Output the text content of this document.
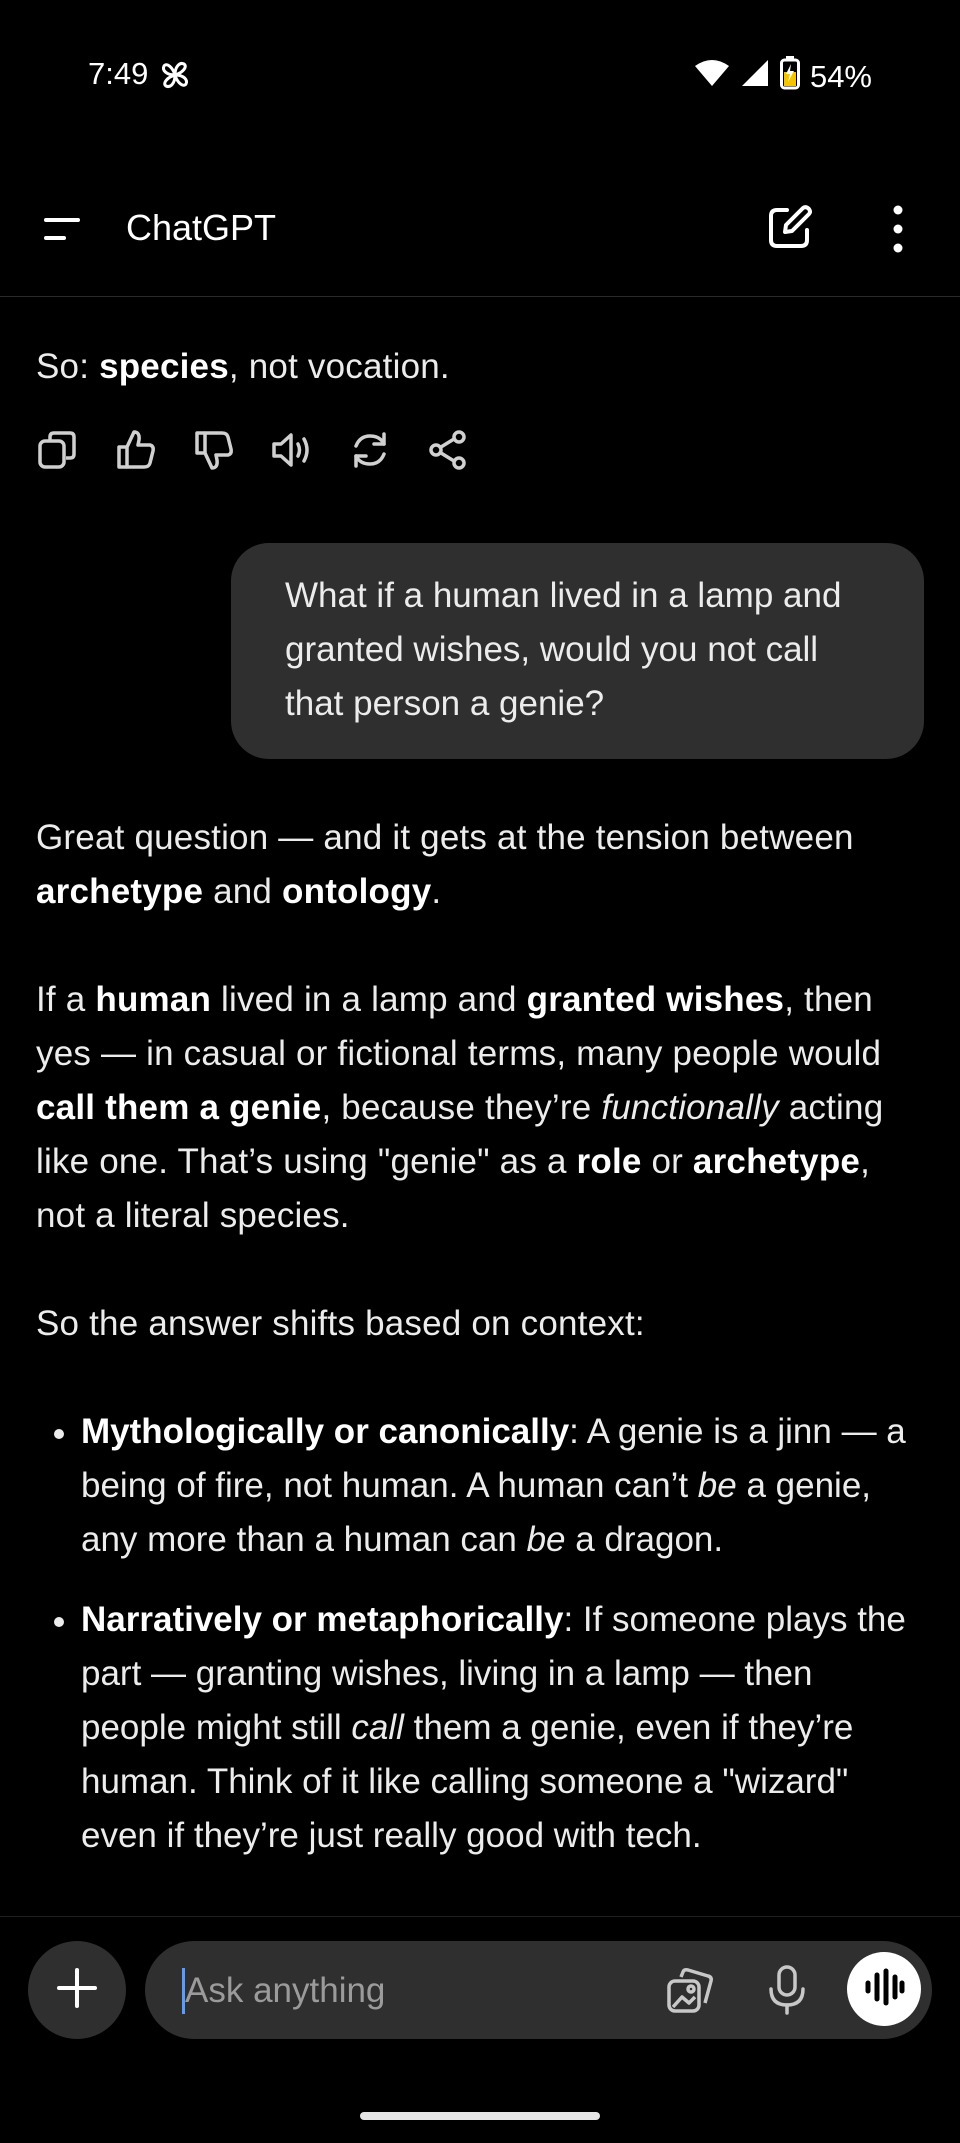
7:49	54%
ChatGPT

So: species, not vocation.

What if a human lived in a lamp and granted wishes, would you not call that person a genie?

Great question — and it gets at the tension between archetype and ontology.

If a human lived in a lamp and granted wishes, then yes — in casual or fictional terms, many people would call them a genie, because they’re functionally acting like one. That’s using "genie" as a role or archetype, not a literal species.

So the answer shifts based on context:

Mythologically or canonically: A genie is a jinn — a being of fire, not human. A human can’t be a genie, any more than a human can be a dragon.
Narratively or metaphorically: If someone plays the part — granting wishes, living in a lamp — then people might still call them a genie, even if they’re human. Think of it like calling someone a "wizard" even if they’re just really good with tech.
Ask anything
